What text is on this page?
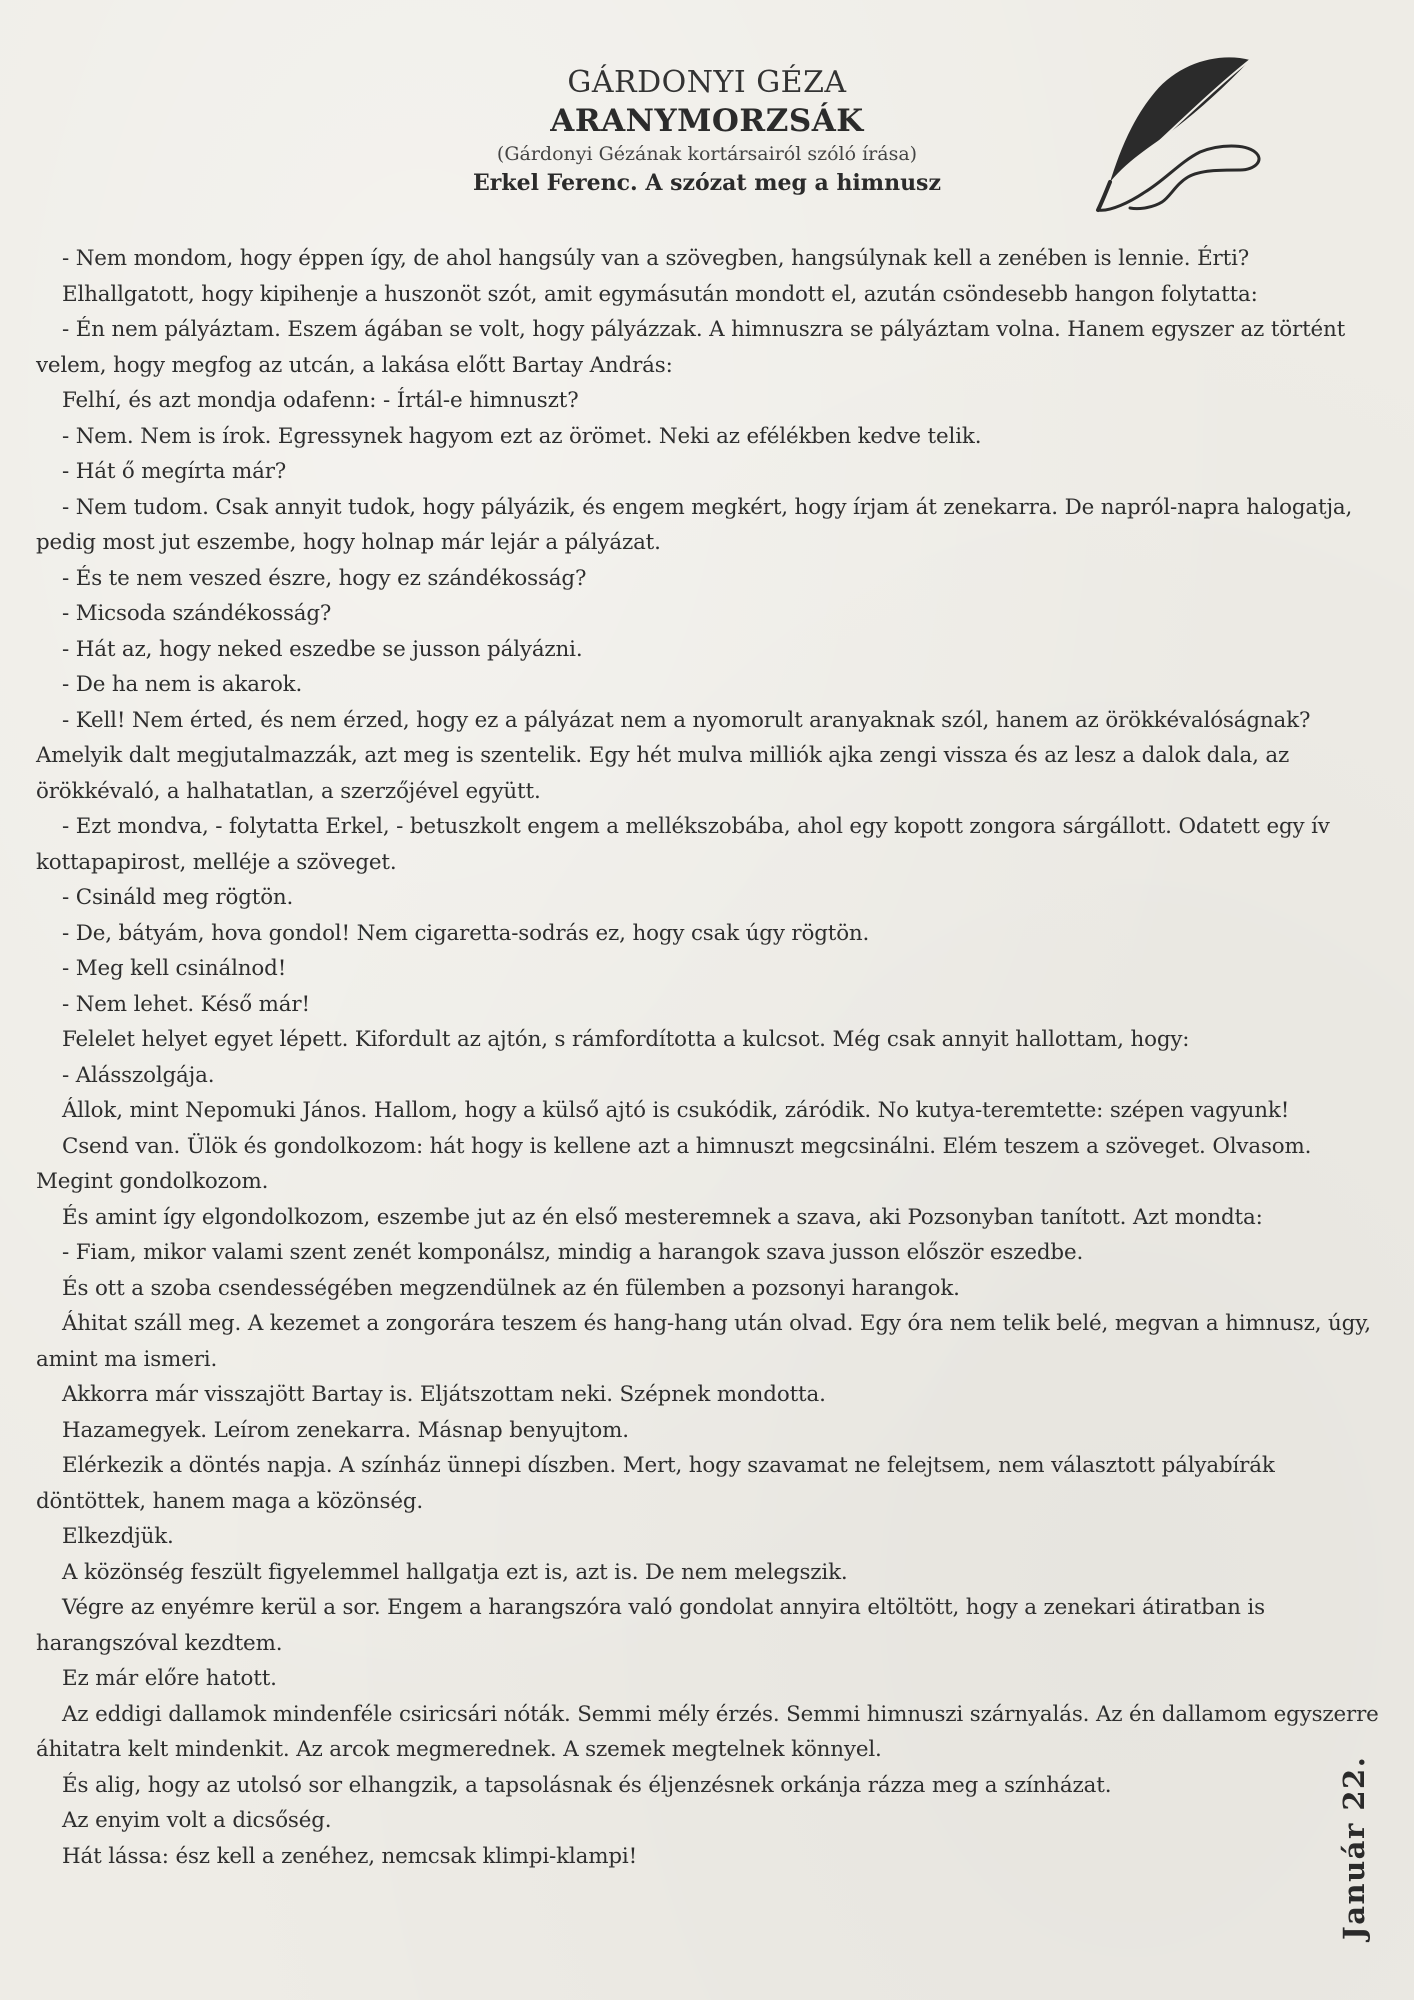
GÁRDONYI GÉZA
ARANYMORZSÁK
(Gárdonyi Gézának kortársairól szóló írása)
Erkel Ferenc. A szózat meg a himnusz

- Nem mondom, hogy éppen így, de ahol hangsúly van a szövegben, hangsúlynak kell a zenében is lennie. Érti?

Elhallgatott, hogy kipihenje a huszonöt szót, amit egymásután mondott el, azután csöndesebb hangon folytatta:

- Én nem pályáztam. Eszem ágában se volt, hogy pályázzak. A himnuszra se pályáztam volna. Hanem egyszer az történt velem, hogy megfog az utcán, a lakása előtt Bartay András:

Felhí, és azt mondja odafenn: - Írtál-e himnuszt?

- Nem. Nem is írok. Egressynek hagyom ezt az örömet. Neki az efélékben kedve telik.

- Hát ő megírta már?

- Nem tudom. Csak annyit tudok, hogy pályázik, és engem megkért, hogy írjam át zenekarra. De napról-napra halogatja, pedig most jut eszembe, hogy holnap már lejár a pályázat.

- És te nem veszed észre, hogy ez szándékosság?

- Micsoda szándékosság?

- Hát az, hogy neked eszedbe se jusson pályázni.

- De ha nem is akarok.

- Kell! Nem érted, és nem érzed, hogy ez a pályázat nem a nyomorult aranyaknak szól, hanem az örökkévalóságnak? Amelyik dalt megjutalmazzák, azt meg is szentelik. Egy hét mulva milliók ajka zengi vissza és az lesz a dalok dala, az örökkévaló, a halhatatlan, a szerzőjével együtt.

- Ezt mondva, - folytatta Erkel, - betuszkolt engem a mellékszobába, ahol egy kopott zongora sárgállott. Odatett egy ív kottapapirost, melléje a szöveget.

- Csináld meg rögtön.

- De, bátyám, hova gondol! Nem cigaretta-sodrás ez, hogy csak úgy rögtön.

- Meg kell csinálnod!

- Nem lehet. Késő már!

Felelet helyet egyet lépett. Kifordult az ajtón, s rámfordította a kulcsot. Még csak annyit hallottam, hogy:

- Alásszolgája.

Állok, mint Nepomuki János. Hallom, hogy a külső ajtó is csukódik, záródik. No kutya-teremtette: szépen vagyunk!

Csend van. Ülök és gondolkozom: hát hogy is kellene azt a himnuszt megcsinálni. Elém teszem a szöveget. Olvasom. Megint gondolkozom.

És amint így elgondolkozom, eszembe jut az én első mesteremnek a szava, aki Pozsonyban tanított. Azt mondta:

- Fiam, mikor valami szent zenét komponálsz, mindig a harangok szava jusson először eszedbe.

És ott a szoba csendességében megzendülnek az én fülemben a pozsonyi harangok.

Áhitat száll meg. A kezemet a zongorára teszem és hang-hang után olvad. Egy óra nem telik belé, megvan a himnusz, úgy, amint ma ismeri.

Akkorra már visszajött Bartay is. Eljátszottam neki. Szépnek mondotta.

Hazamegyek. Leírom zenekarra. Másnap benyujtom.

Elérkezik a döntés napja. A színház ünnepi díszben. Mert, hogy szavamat ne felejtsem, nem választott pályabírák döntöttek, hanem maga a közönség.

Elkezdjük.

A közönség feszült figyelemmel hallgatja ezt is, azt is. De nem melegszik.

Végre az enyémre kerül a sor. Engem a harangszóra való gondolat annyira eltöltött, hogy a zenekari átiratban is harangszóval kezdtem.

Ez már előre hatott.

Az eddigi dallamok mindenféle csiricsári nóták. Semmi mély érzés. Semmi himnuszi szárnyalás. Az én dallamom egyszerre áhitatra kelt mindenkit. Az arcok megmerednek. A szemek megtelnek könnyel.

És alig, hogy az utolsó sor elhangzik, a tapsolásnak és éljenzésnek orkánja rázza meg a színházat.

Az enyim volt a dicsőség.

Hát lássa: ész kell a zenéhez, nemcsak klimpi-klampi!	Január 22.
